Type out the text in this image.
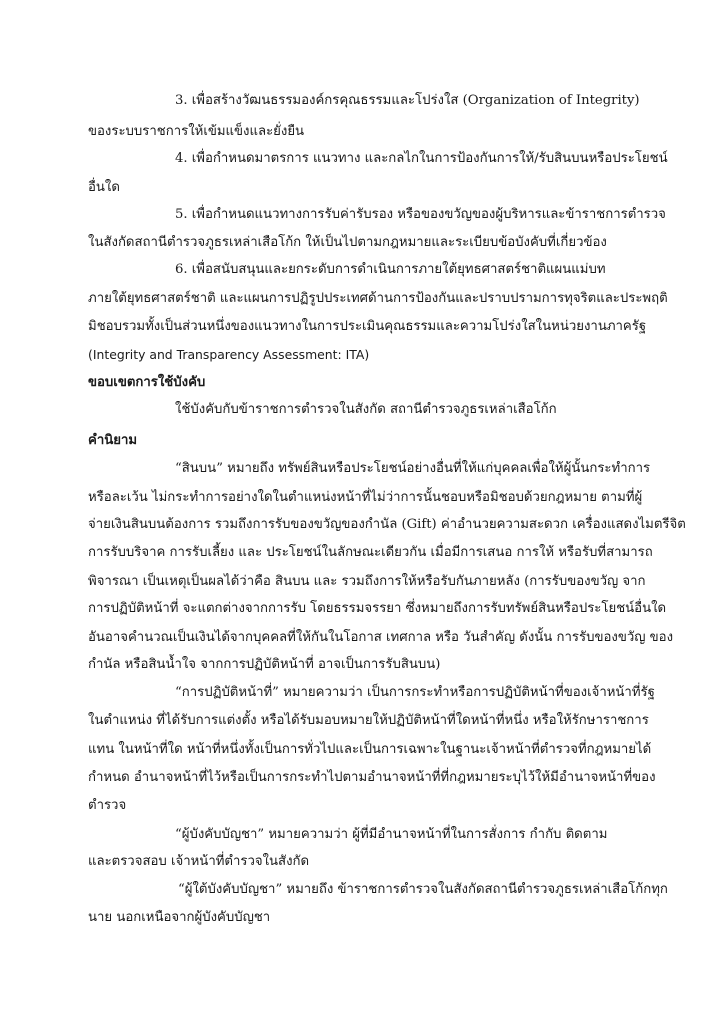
3. เพื่อสร้างวัฒนธรรมองค์กรคุณธรรมและโปร่งใส (Organization of Integrity)
ของระบบราชการให้เข้มแข็งและยั่งยืน
4. เพื่อกำหนดมาตรการ แนวทาง และกลไกในการป้องกันการให้/รับสินบนหรือประโยชน์
อื่นใด
5. เพื่อกำหนดแนวทางการรับค่ารับรอง หรือของขวัญของผู้บริหารและข้าราชการตำรวจ
ในสังกัดสถานีตำรวจภูธรเหล่าเสือโก้ก ให้เป็นไปตามกฎหมายและระเบียบข้อบังคับที่เกี่ยวข้อง
6. เพื่อสนับสนุนและยกระดับการดำเนินการภายใต้ยุทธศาสตร์ชาติแผนแม่บท
ภายใต้ยุทธศาสตร์ชาติ และแผนการปฏิรูปประเทศด้านการป้องกันและปราบปรามการทุจริตและประพฤติ
มิชอบรวมทั้งเป็นส่วนหนึ่งของแนวทางในการประเมินคุณธรรมและความโปร่งใสในหน่วยงานภาครัฐ
(Integrity and Transparency Assessment: ITA)
ขอบเขตการใช้บังคับ
ใช้บังคับกับข้าราชการตำรวจในสังกัด สถานีตำรวจภูธรเหล่าเสือโก้ก
คำนิยาม
“สินบน” หมายถึง ทรัพย์สินหรือประโยชน์อย่างอื่นที่ให้แก่บุคคลเพื่อให้ผู้นั้นกระทำการ
หรือละเว้น ไม่กระทำการอย่างใดในตำแหน่งหน้าที่ไม่ว่าการนั้นชอบหรือมิชอบด้วยกฎหมาย ตามที่ผู้
จ่ายเงินสินบนต้องการ รวมถึงการรับของขวัญของกำนัล (Gift) ค่าอำนวยความสะดวก เครื่องแสดงไมตรีจิต
การรับบริจาค การรับเลี้ยง และ ประโยชน์ในลักษณะเดียวกัน เมื่อมีการเสนอ การให้ หรือรับที่สามารถ
พิจารณา เป็นเหตุเป็นผลได้ว่าคือ สินบน และ รวมถึงการให้หรือรับกันภายหลัง (การรับของขวัญ จาก
การปฏิบัติหน้าที่ จะแตกต่างจากการรับ โดยธรรมจรรยา ซึ่งหมายถึงการรับทรัพย์สินหรือประโยชน์อื่นใด
อันอาจคำนวณเป็นเงินได้จากบุคคลที่ให้กันในโอกาส เทศกาล หรือ วันสำคัญ ดังนั้น การรับของขวัญ ของ
กำนัล หรือสินน้ำใจ จากการปฏิบัติหน้าที่ อาจเป็นการรับสินบน)
“การปฏิบัติหน้าที่” หมายความว่า เป็นการกระทำหรือการปฏิบัติหน้าที่ของเจ้าหน้าที่รัฐ
ในตำแหน่ง ที่ได้รับการแต่งตั้ง หรือได้รับมอบหมายให้ปฏิบัติหน้าที่ใดหน้าที่หนึ่ง หรือให้รักษาราชการ
แทน ในหน้าที่ใด หน้าที่หนึ่งทั้งเป็นการทั่วไปและเป็นการเฉพาะในฐานะเจ้าหน้าที่ตำรวจที่กฎหมายได้
กำหนด อำนาจหน้าที่ไว้หรือเป็นการกระทำไปตามอำนาจหน้าที่ที่กฎหมายระบุไว้ให้มีอำนาจหน้าที่ของ
ตำรวจ
“ผู้บังคับบัญชา” หมายความว่า ผู้ที่มีอำนาจหน้าที่ในการสั่งการ กำกับ ติดตาม
และตรวจสอบ เจ้าหน้าที่ตำรวจในสังกัด
“ผู้ใต้บังคับบัญชา” หมายถึง ข้าราชการตำรวจในสังกัดสถานีตำรวจภูธรเหล่าเสือโก้กทุก
นาย นอกเหนือจากผู้บังคับบัญชา
